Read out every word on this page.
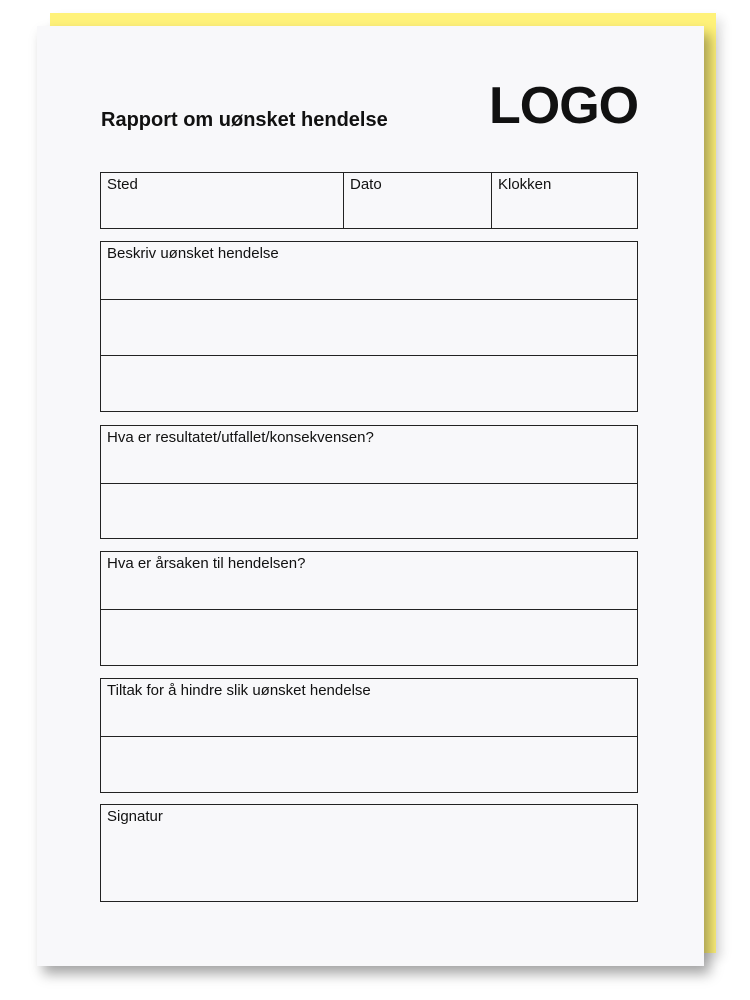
Rapport om uønsket hendelse LOGO
Sted	Dato	Klokken
Beskriv uønsket hendelse
Hva er resultatet/utfallet/konsekvensen?
Hva er årsaken til hendelsen?
Tiltak for å hindre slik uønsket hendelse
Signatur
